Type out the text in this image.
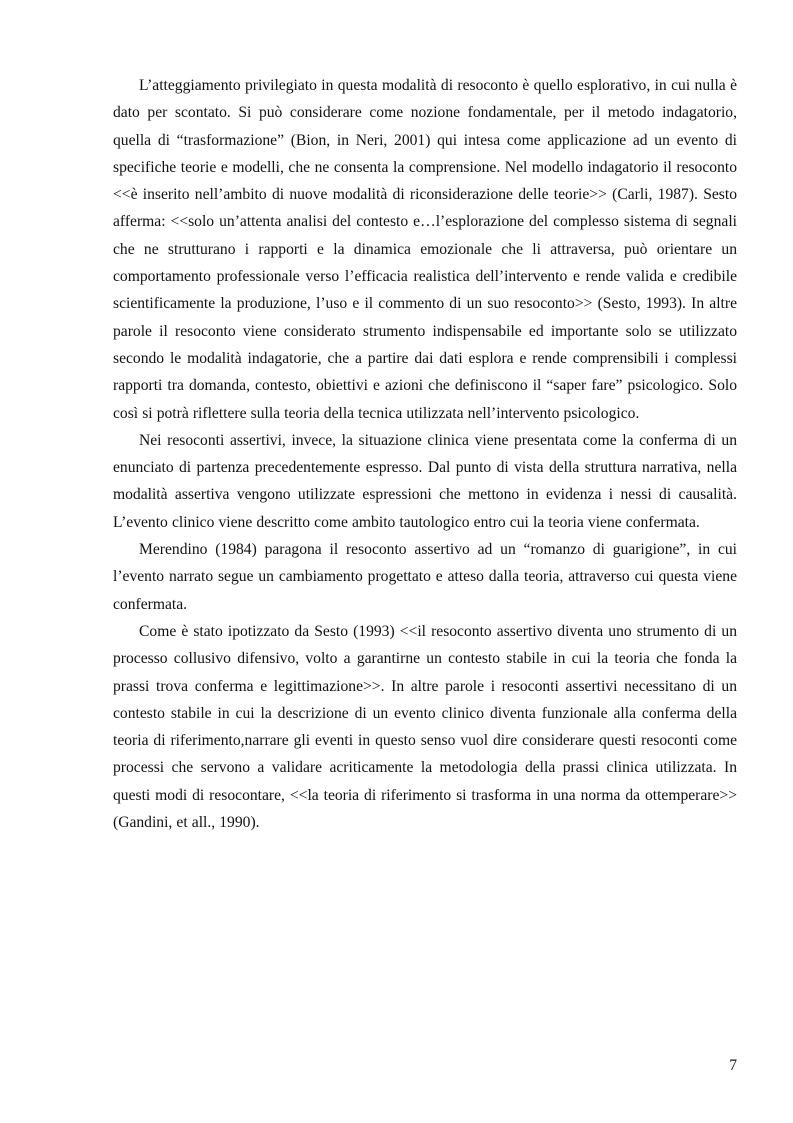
L’atteggiamento privilegiato in questa modalità di resoconto è quello esplorativo, in cui nulla è dato per scontato. Si può considerare come nozione fondamentale, per il metodo indagatorio, quella di “trasformazione” (Bion, in Neri, 2001) qui intesa come applicazione ad un evento di specifiche teorie e modelli, che ne consenta la comprensione. Nel modello indagatorio il resoconto <<è inserito nell’ambito di nuove modalità di riconsiderazione delle teorie>> (Carli, 1987). Sesto afferma: <<solo un’attenta analisi del contesto e…l’esplorazione del complesso sistema di segnali che ne strutturano i rapporti e la dinamica emozionale che li attraversa, può orientare un comportamento professionale verso l’efficacia realistica dell’intervento e rende valida e credibile scientificamente la produzione, l’uso e il commento di un suo resoconto>> (Sesto, 1993). In altre parole il resoconto viene considerato strumento indispensabile ed importante solo se utilizzato secondo le modalità indagatorie, che a partire dai dati esplora e rende comprensibili i complessi rapporti tra domanda, contesto, obiettivi e azioni che definiscono il “saper fare” psicologico. Solo così si potrà riflettere sulla teoria della tecnica utilizzata nell’intervento psicologico.

Nei resoconti assertivi, invece, la situazione clinica viene presentata come la conferma di un enunciato di partenza precedentemente espresso. Dal punto di vista della struttura narrativa, nella modalità assertiva vengono utilizzate espressioni che mettono in evidenza i nessi di causalità. L’evento clinico viene descritto come ambito tautologico entro cui la teoria viene confermata.

Merendino (1984) paragona il resoconto assertivo ad un “romanzo di guarigione”, in cui l’evento narrato segue un cambiamento progettato e atteso dalla teoria, attraverso cui questa viene confermata.

Come è stato ipotizzato da Sesto (1993) <<il resoconto assertivo diventa uno strumento di un processo collusivo difensivo, volto a garantirne un contesto stabile in cui la teoria che fonda la prassi trova conferma e legittimazione>>. In altre parole i resoconti assertivi necessitano di un contesto stabile in cui la descrizione di un evento clinico diventa funzionale alla conferma della teoria di riferimento,narrare gli eventi in questo senso vuol dire considerare questi resoconti come processi che servono a validare acriticamente la metodologia della prassi clinica utilizzata. In questi modi di resocontare, <<la teoria di riferimento si trasforma in una norma da ottemperare>> (Gandini, et all., 1990).

7
